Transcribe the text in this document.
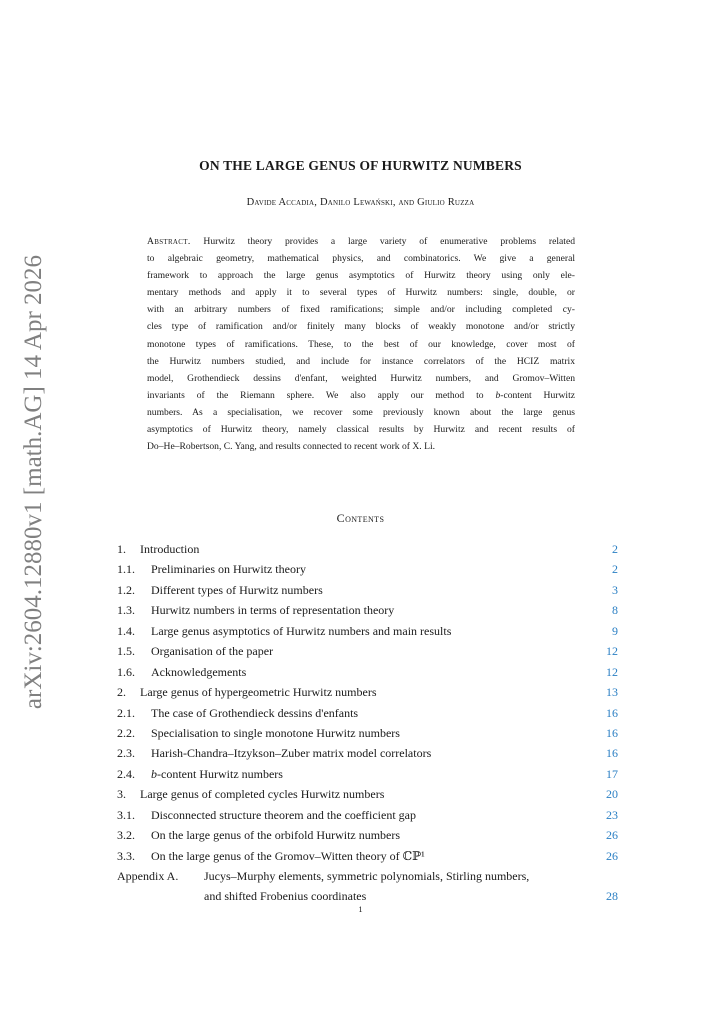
arXiv:2604.12880v1 [math.AG] 14 Apr 2026
ON THE LARGE GENUS OF HURWITZ NUMBERS
Davide Accadia, Danilo Lewański, and Giulio Ruzza
Abstract. Hurwitz theory provides a large variety of enumerative problems related
to algebraic geometry, mathematical physics, and combinatorics. We give a general
framework to approach the large genus asymptotics of Hurwitz theory using only ele-
mentary methods and apply it to several types of Hurwitz numbers: single, double, or
with an arbitrary numbers of fixed ramifications; simple and/or including completed cy-
cles type of ramification and/or finitely many blocks of weakly monotone and/or strictly
monotone types of ramifications. These, to the best of our knowledge, cover most of
the Hurwitz numbers studied, and include for instance correlators of the HCIZ matrix
model, Grothendieck dessins d'enfant, weighted Hurwitz numbers, and Gromov–Witten
invariants of the Riemann sphere. We also apply our method to b-content Hurwitz
numbers. As a specialisation, we recover some previously known about the large genus
asymptotics of Hurwitz theory, namely classical results by Hurwitz and recent results of
Do–He–Robertson, C. Yang, and results connected to recent work of X. Li.
Contents
1. Introduction	2
1.1. Preliminaries on Hurwitz theory	2
1.2. Different types of Hurwitz numbers	3
1.3. Hurwitz numbers in terms of representation theory	8
1.4. Large genus asymptotics of Hurwitz numbers and main results	9
1.5. Organisation of the paper	12
1.6. Acknowledgements	12
2. Large genus of hypergeometric Hurwitz numbers	13
2.1. The case of Grothendieck dessins d'enfants	16
2.2. Specialisation to single monotone Hurwitz numbers	16
2.3. Harish-Chandra–Itzykson–Zuber matrix model correlators	16
2.4. b-content Hurwitz numbers	17
3. Large genus of completed cycles Hurwitz numbers	20
3.1. Disconnected structure theorem and the coefficient gap	23
3.2. On the large genus of the orbifold Hurwitz numbers	26
3.3. On the large genus of the Gromov–Witten theory of ℂℙ¹	26
Appendix A. Jucys–Murphy elements, symmetric polynomials, Stirling numbers,
and shifted Frobenius coordinates	28
1
